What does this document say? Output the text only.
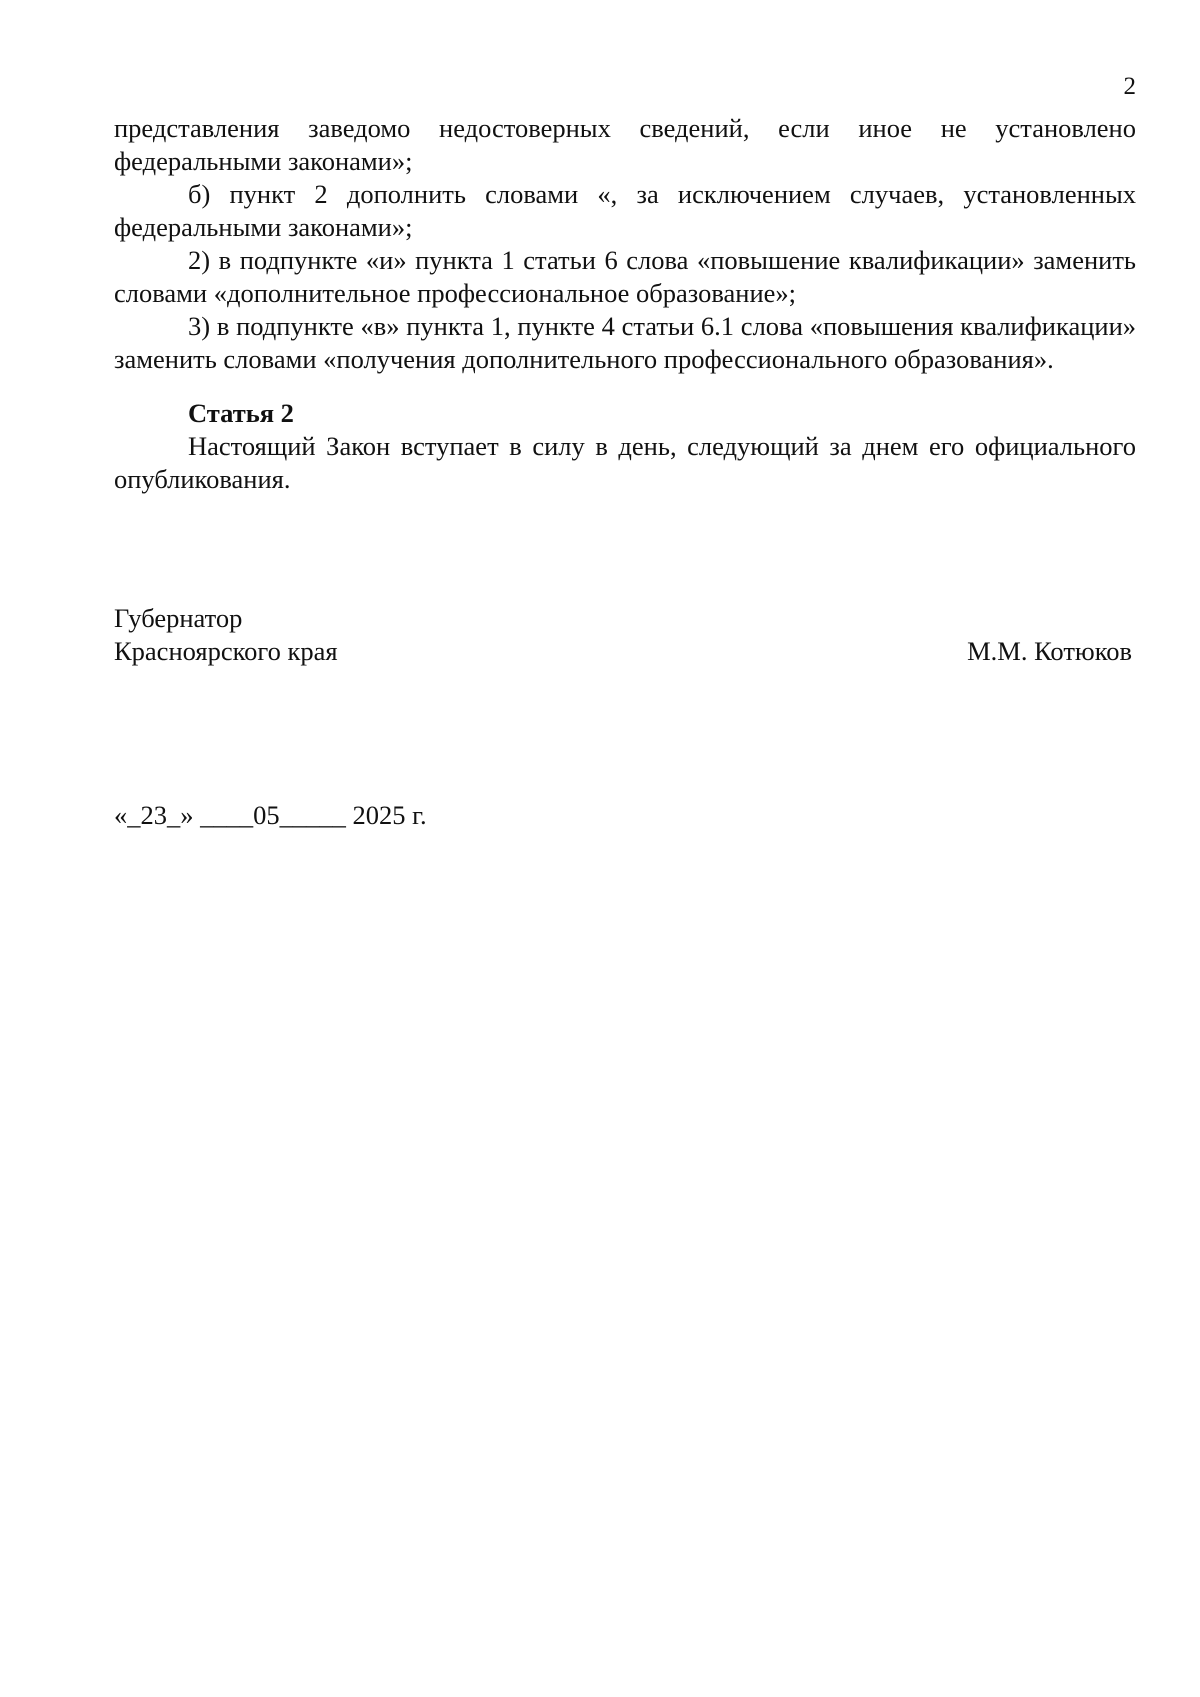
2

представления заведомо недостоверных сведений, если иное не установлено федеральными законами»;

б) пункт 2 дополнить словами «, за исключением случаев, установленных федеральными законами»;

2) в подпункте «и» пункта 1 статьи 6 слова «повышение квалификации» заменить словами «дополнительное профессиональное образование»;

3) в подпункте «в» пункта 1, пункте 4 статьи 6.1 слова «повышения квалификации» заменить словами «получения дополнительного профессионального образования».

Статья 2

Настоящий Закон вступает в силу в день, следующий за днем его официального опубликования.

Губернатор
Красноярского края	М.М. Котюков
«_23_» ____05_____ 2025 г.
